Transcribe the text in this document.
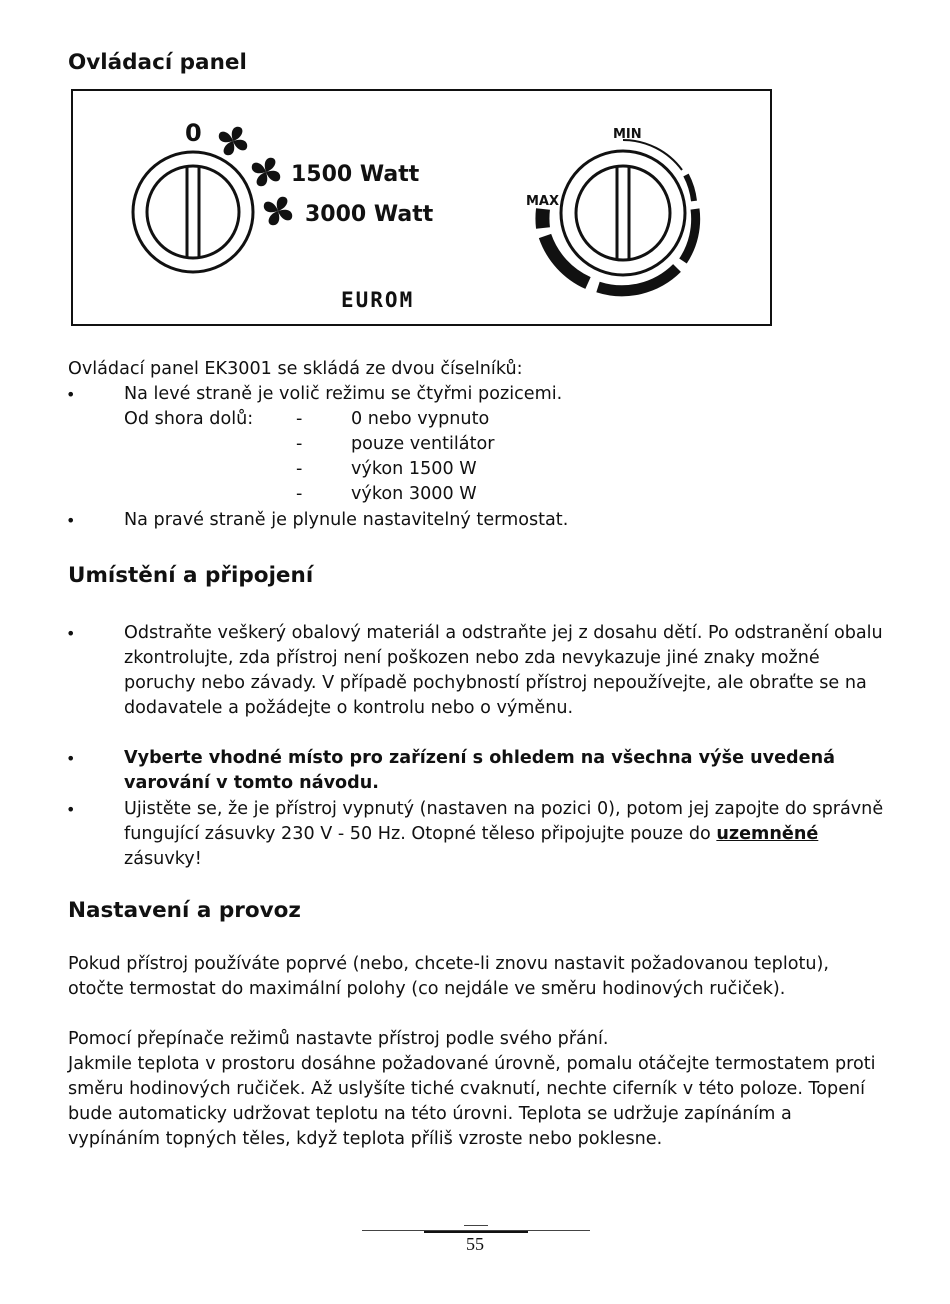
Ovládací panel
0
1500 Watt
3000 Watt
EUROM
MIN
MAX
Ovládací panel EK3001 se skládá ze dvou číselníků:
•	Na levé straně je volič režimu se čtyřmi pozicemi.
Od shora dolů: -	0 nebo vypnuto
-	pouze ventilátor
-	výkon 1500 W
-	výkon 3000 W
•	Na pravé straně je plynule nastavitelný termostat.
Umístění a připojení
•	Odstraňte veškerý obalový materiál a odstraňte jej z dosahu dětí. Po odstranění obalu zkontrolujte, zda přístroj není poškozen nebo zda nevykazuje jiné znaky možné poruchy nebo závady. V případě pochybností přístroj nepoužívejte, ale obraťte se na dodavatele a požádejte o kontrolu nebo o výměnu.
•	Vyberte vhodné místo pro zařízení s ohledem na všechna výše uvedená varování v tomto návodu.
•	Ujistěte se, že je přístroj vypnutý (nastaven na pozici 0), potom jej zapojte do správně fungující zásuvky 230 V - 50 Hz. Otopné těleso připojujte pouze do uzemněné zásuvky!
Nastavení a provoz
Pokud přístroj používáte poprvé (nebo, chcete-li znovu nastavit požadovanou teplotu), otočte termostat do maximální polohy (co nejdále ve směru hodinových ručiček).
Pomocí přepínače režimů nastavte přístroj podle svého přání.
Jakmile teplota v prostoru dosáhne požadované úrovně, pomalu otáčejte termostatem proti směru hodinových ručiček. Až uslyšíte tiché cvaknutí, nechte ciferník v této poloze. Topení bude automaticky udržovat teplotu na této úrovni. Teplota se udržuje zapínáním a vypínáním topných těles, když teplota příliš vzroste nebo poklesne.
55
